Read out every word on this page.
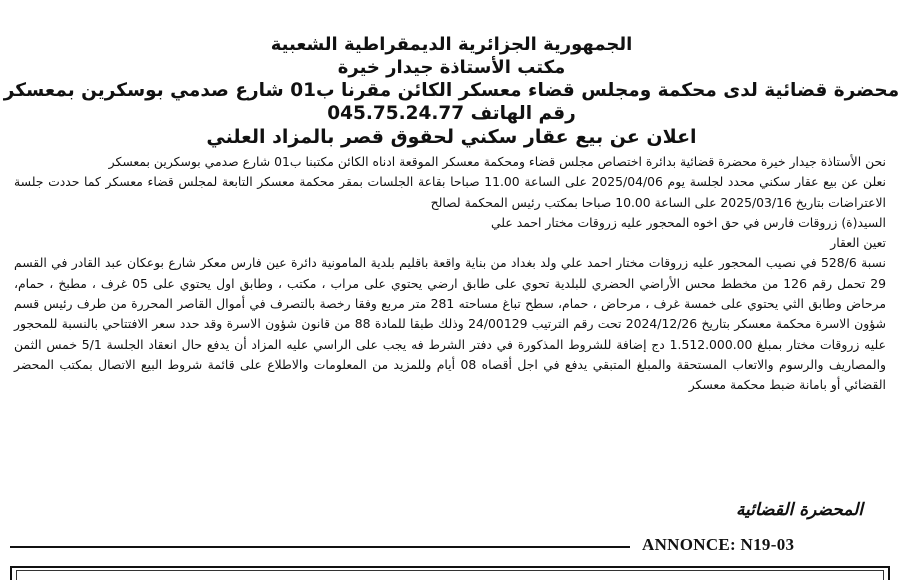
الجمهورية الجزائرية الديمقراطية الشعبية
مكتب الأستاذة جيدار خيرة
محضرة قضائية لدى محكمة ومجلس قضاء معسكر الكائن مقرنا ب01 شارع صدمي بوسكرين بمعسكر
رقم الهاتف 045.75.24.77
اعلان عن بيع عقار سكني لحقوق قصر بالمزاد العلني

نحن الأستاذة جيدار خيرة محضرة قضائية بدائرة اختصاص مجلس قضاء ومحكمة معسكر الموقعة ادناه الكائن مكتبنا ب01 شارع صدمي بوسكرين بمعسكر

نعلن عن بيع عقار سكني محدد لجلسة يوم 2025/04/06 على الساعة 11.00 صباحا بقاعة الجلسات بمقر محكمة معسكر التابعة لمجلس قضاء معسكر كما حددت جلسة الاعتراضات بتاريخ 2025/03/16 على الساعة 10.00 صباحا بمكتب رئيس المحكمة لصالح

السيد(ة) زروقات فارس في حق اخوه المحجور عليه زروقات مختار احمد علي

تعين العقار

نسبة 528/6 في نصيب المحجور عليه زروقات مختار احمد علي ولد بغداد من بناية واقعة باقليم بلدية المامونية دائرة عين فارس معكر شارع بوعكان عبد القادر في القسم 29 تحمل رقم 126 من مخطط محس الأراضي الحضري للبلدية تحوي على طابق ارضي يحتوي على مراب ، مكتب ، وطابق اول يحتوي على 05 غرف ، مطبخ ، حمام، مرحاض وطابق الثي يحتوي على خمسة غرف ، مرحاض ، حمام، سطح تباغ مساحته 281 متر مربع وفقا رخصة بالتصرف في أموال القاصر المحررة من طرف رئيس قسم شؤون الاسرة محكمة معسكر بتاريخ 2024/12/26 تحت رقم الترتيب 24/00129 وذلك طبقا للمادة 88 من قانون شؤون الاسرة وقد حدد سعر الافتتاحي بالنسبة للمحجور عليه زروقات مختار بمبلغ 1.512.000.00 دج إضافة للشروط المذكورة في دفتر الشرط فه يجب على الراسي عليه المزاد أن يدفع حال انعقاد الجلسة 5/1 خمس الثمن والمصاريف والرسوم والاتعاب المستحقة والمبلغ المتبقي يدفع في اجل أقصاه 08 أيام وللمزيد من المعلومات والاطلاع على قائمة شروط البيع الاتصال بمكتب المحضر القضائي أو بامانة ضبط محكمة معسكر

المحضرة القضائية
ANNONCE: N19-03
